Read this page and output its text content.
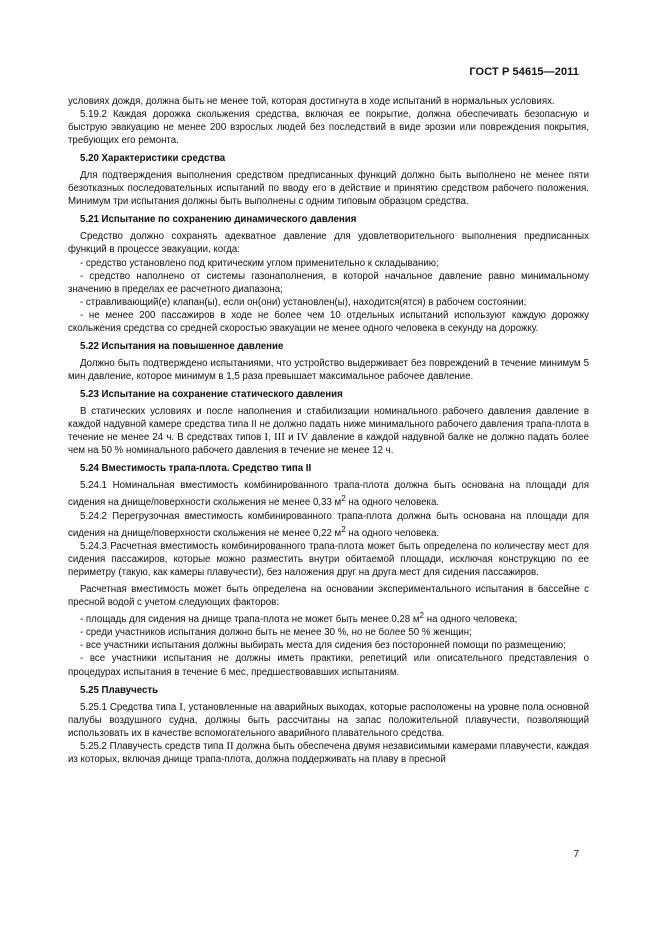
ГОСТ Р 54615—2011

условиях дождя, должна быть не менее той, которая достигнута в ходе испытаний в нормальных условиях.

5.19.2 Каждая дорожка скольжения средства, включая ее покрытие, должна обеспечивать безопасную и быструю эвакуацию не менее 200 взрослых людей без последствий в виде эрозии или повреждения покрытия, требующих его ремонта.

5.20 Характеристики средства

Для подтверждения выполнения средством предписанных функций должно быть выполнено не менее пяти безотказных последовательных испытаний по вводу его в действие и принятию средством рабочего положения. Минимум три испытания должны быть выполнены с одним типовым образцом средства.

5.21 Испытание по сохранению динамического давления

Средство должно сохранять адекватное давление для удовлетворительного выполнения предписанных функций в процессе эвакуации, когда:

- средство установлено под критическим углом применительно к складыванию;

- средство наполнено от системы газонаполнения, в которой начальное давление равно минимальному значению в пределах ее расчетного диапазона;

- стравливающий(е) клапан(ы), если он(они) установлен(ы), находится(ятся) в рабочем состоянии;

- не менее 200 пассажиров в ходе не более чем 10 отдельных испытаний используют каждую дорожку скольжения средства со средней скоростью эвакуации не менее одного человека в секунду на дорожку.

5.22 Испытания на повышенное давление

Должно быть подтверждено испытаниями, что устройство выдерживает без повреждений в течение минимум 5 мин давление, которое минимум в 1,5 раза превышает максимальное рабочее давление.

5.23 Испытание на сохранение статического давления

В статических условиях и после наполнения и стабилизации номинального рабочего давления давление в каждой надувной камере средства типа II не должно падать ниже минимального рабочего давления трапа-плота в течение не менее 24 ч. В средствах типов I, III и IV давление в каждой надувной балке не должно падать более чем на 50 % номинального рабочего давления в течение не менее 12 ч.

5.24 Вместимость трапа-плота. Средство типа II

5.24.1 Номинальная вместимость комбинированного трапа-плота должна быть основана на площади для сидения на днище/поверхности скольжения не менее 0,33 $м^2$ на одного человека.

5.24.2 Перегрузочная вместимость комбинированного трапа-плота должна быть основана на площади для сидения на днище/поверхности скольжения не менее 0,22 $м^2$ на одного человека.

5.24.3 Расчетная вместимость комбинированного трапа-плота может быть определена по количеству мест для сидения пассажиров, которые можно разместить внутри обитаемой площади, исключая конструкцию по ее периметру (такую, как камеры плавучести), без наложения друг на друга мест для сидения пассажиров.

Расчетная вместимость может быть определена на основании экспериментального испытания в бассейне с пресной водой с учетом следующих факторов:

- площадь для сидения на днище трапа-плота не может быть менее 0,28 $м^2$ на одного человека;

- среди участников испытания должно быть не менее 30 %, но не более 50 % женщин;

- все участники испытания должны выбирать места для сидения без посторонней помощи по размещению;

- все участники испытания не должны иметь практики, репетиций или описательного представления о процедурах испытания в течение 6 мес, предшествовавших испытаниям.

5.25 Плавучесть

5.25.1 Средства типа I, установленные на аварийных выходах, которые расположены на уровне пола основной палубы воздушного судна, должны быть рассчитаны на запас положительной плавучести, позволяющий использовать их в качестве вспомогательного аварийного плавательного средства.

5.25.2 Плавучесть средств типа II должна быть обеспечена двумя независимыми камерами плавучести, каждая из которых, включая днище трапа-плота, должна поддерживать на плаву в пресной

7
